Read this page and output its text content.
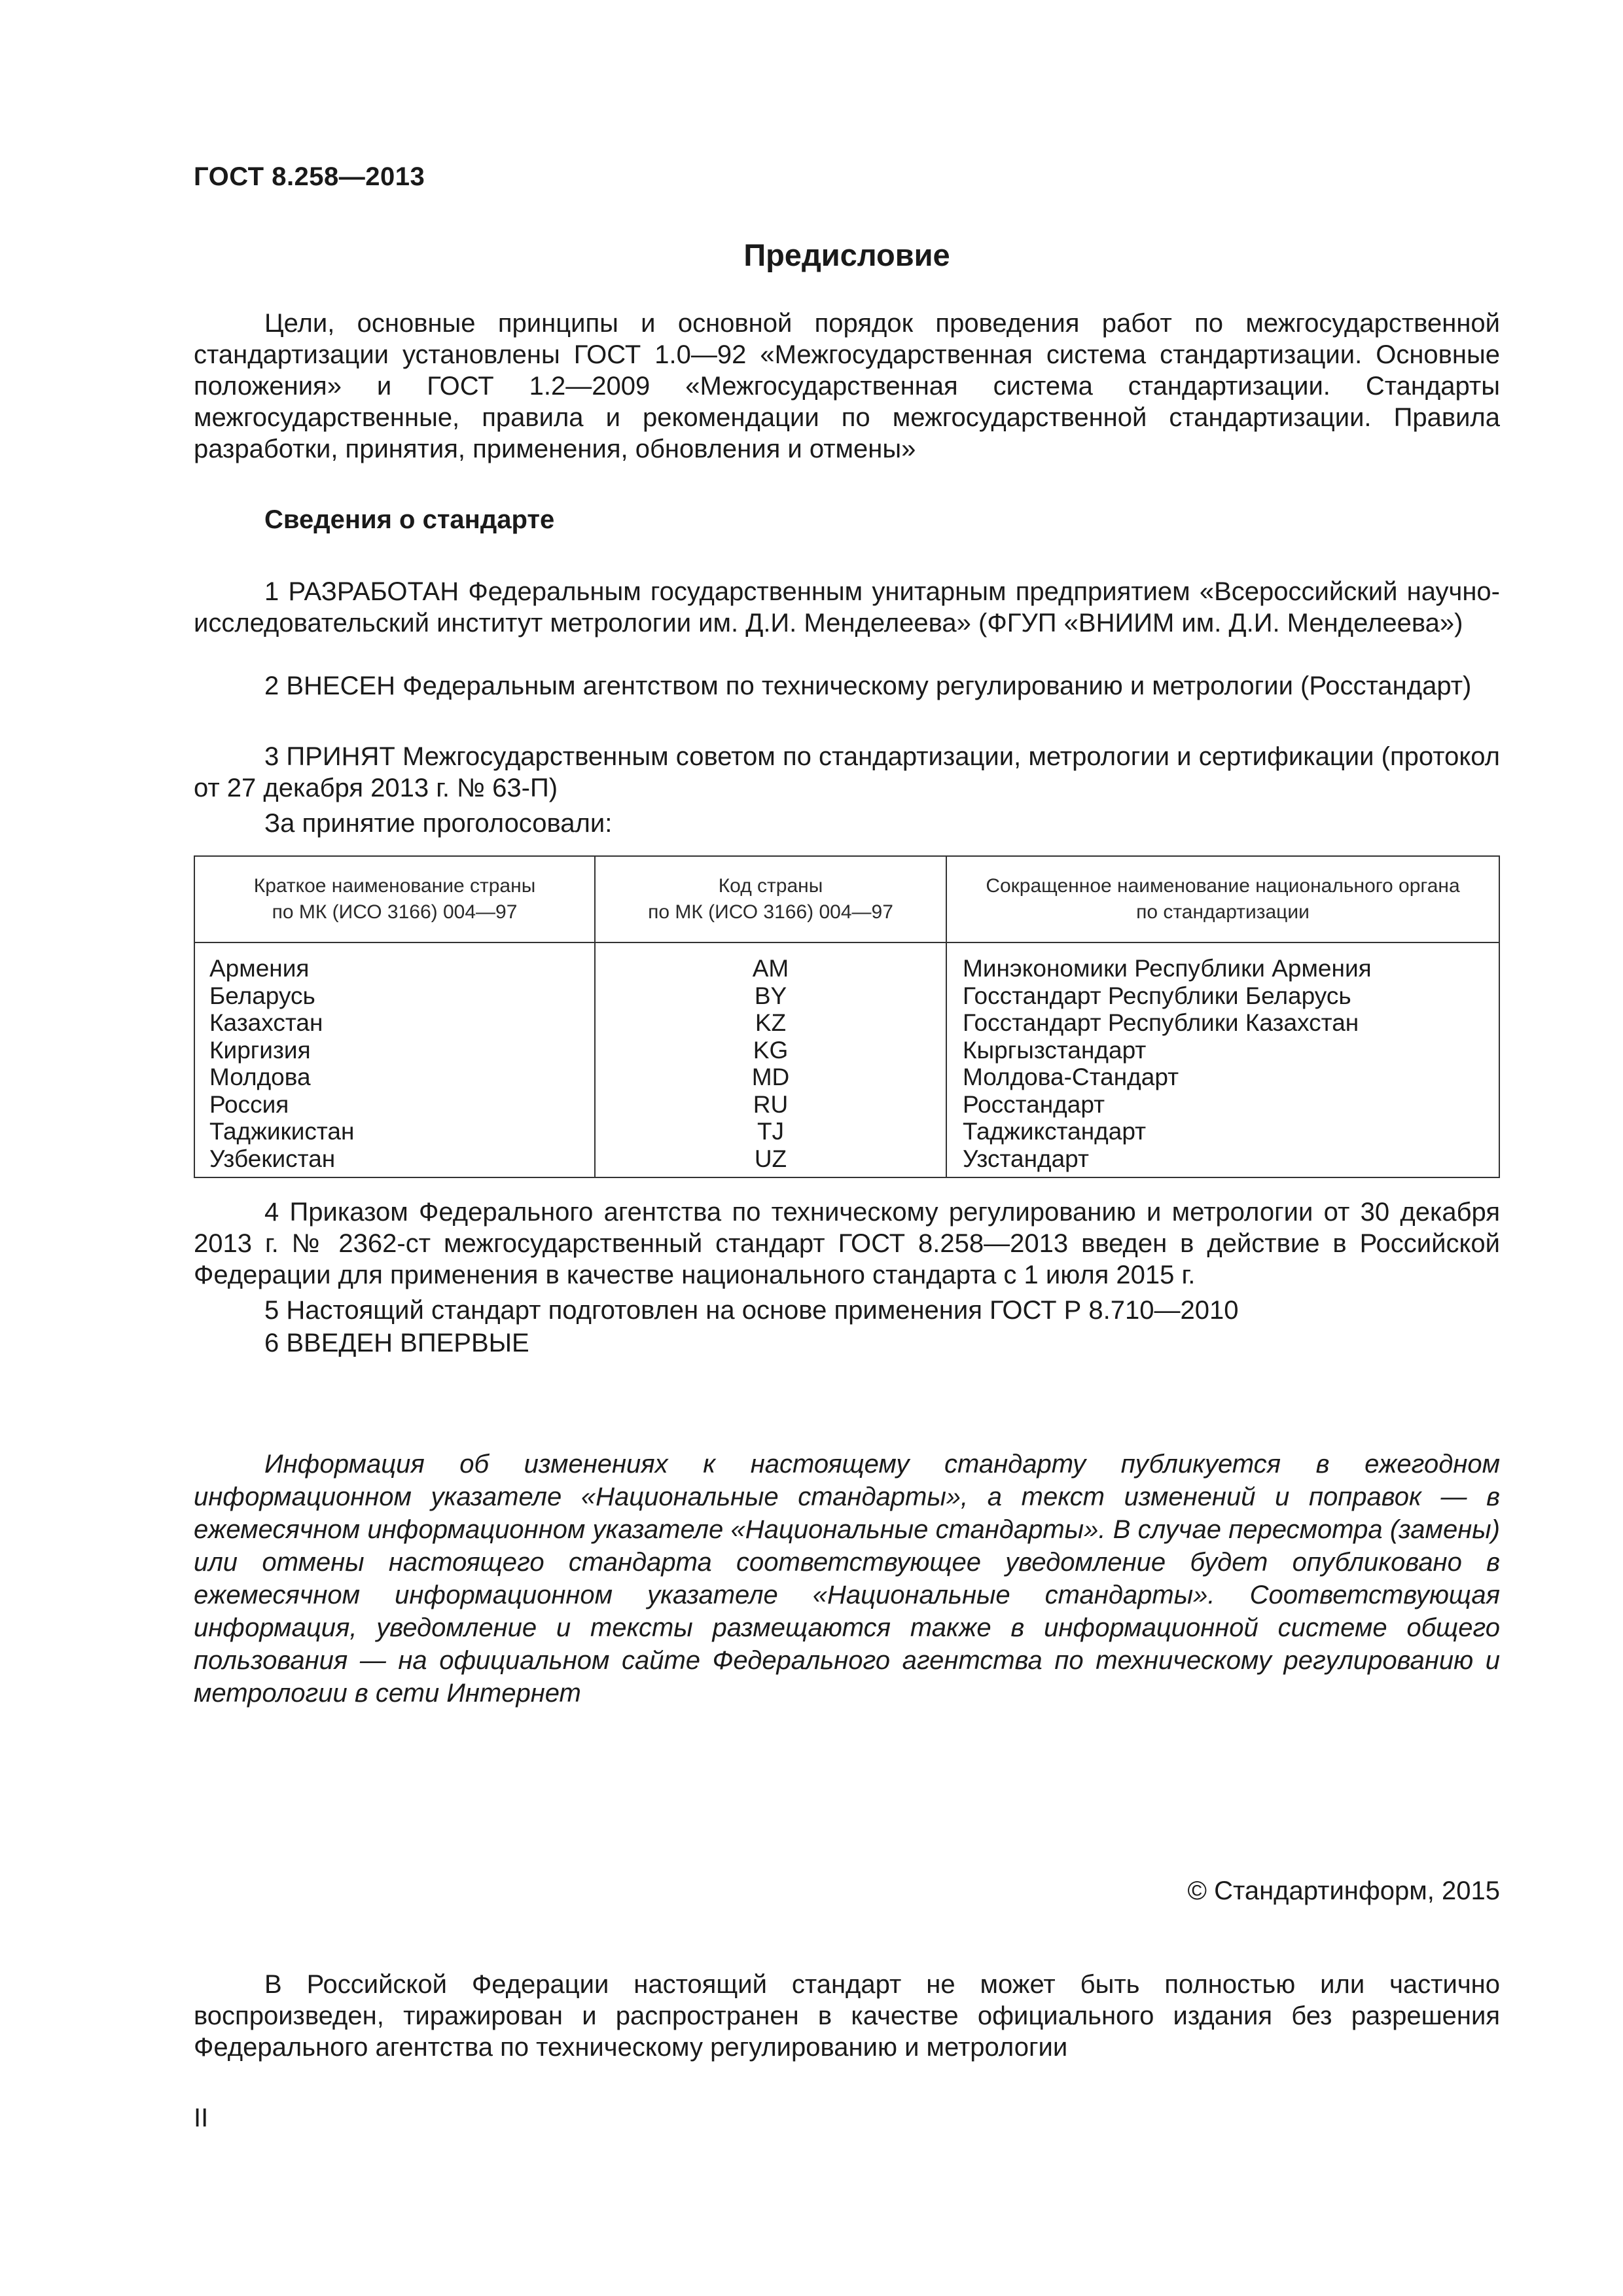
ГОСТ 8.258—2013
Предисловие

Цели, основные принципы и основной порядок проведения работ по межгосударственной стандартизации установлены ГОСТ 1.0—92 «Межгосударственная система стандартизации. Основные положения» и ГОСТ 1.2—2009 «Межгосударственная система стандартизации. Стандарты межгосударственные, правила и рекомендации по межгосударственной стандартизации. Правила разработки, принятия, применения, обновления и отмены»

Сведения о стандарте

1 РАЗРАБОТАН Федеральным государственным унитарным предприятием «Всероссийский научно-исследовательский институт метрологии им. Д.И. Менделеева» (ФГУП «ВНИИМ им. Д.И. Менделеева»)

2 ВНЕСЕН Федеральным агентством по техническому регулированию и метрологии (Росстандарт)

3 ПРИНЯТ Межгосударственным советом по стандартизации, метрологии и сертификации (протокол от 27 декабря 2013 г. № 63-П)

За принятие проголосовали:

Краткое наименование страны
по МК (ИСО 3166) 004—97
Код страны
по МК (ИСО 3166) 004—97
Сокращенное наименование национального органа
по стандартизации
Армения
Беларусь
Казахстан
Киргизия
Молдова
Россия
Таджикистан
Узбекистан
AM
BY
KZ
KG
MD
RU
TJ
UZ
Минэкономики Республики Армения
Госстандарт Республики Беларусь
Госстандарт Республики Казахстан
Кыргызстандарт
Молдова-Стандарт
Росстандарт
Таджикстандарт
Узстандарт

4 Приказом Федерального агентства по техническому регулированию и метрологии от 30 декабря 2013 г. № 2362-ст межгосударственный стандарт ГОСТ 8.258—2013 введен в действие в Российской Федерации для применения в качестве национального стандарта с 1 июля 2015 г.

5 Настоящий стандарт подготовлен на основе применения ГОСТ Р 8.710—2010

6 ВВЕДЕН ВПЕРВЫЕ

Информация об изменениях к настоящему стандарту публикуется в ежегодном информационном указателе «Национальные стандарты», а текст изменений и поправок — в ежемесячном информационном указателе «Национальные стандарты». В случае пересмотра (замены) или отмены настоящего стандарта соответствующее уведомление будет опубликовано в ежемесячном информационном указателе «Национальные стандарты». Соответствующая информация, уведомление и тексты размещаются также в информационной системе общего пользования — на официальном сайте Федерального агентства по техническому регулированию и метрологии в сети Интернет

© Стандартинформ, 2015

В Российской Федерации настоящий стандарт не может быть полностью или частично воспроизведен, тиражирован и распространен в качестве официального издания без разрешения Федерального агентства по техническому регулированию и метрологии

II
